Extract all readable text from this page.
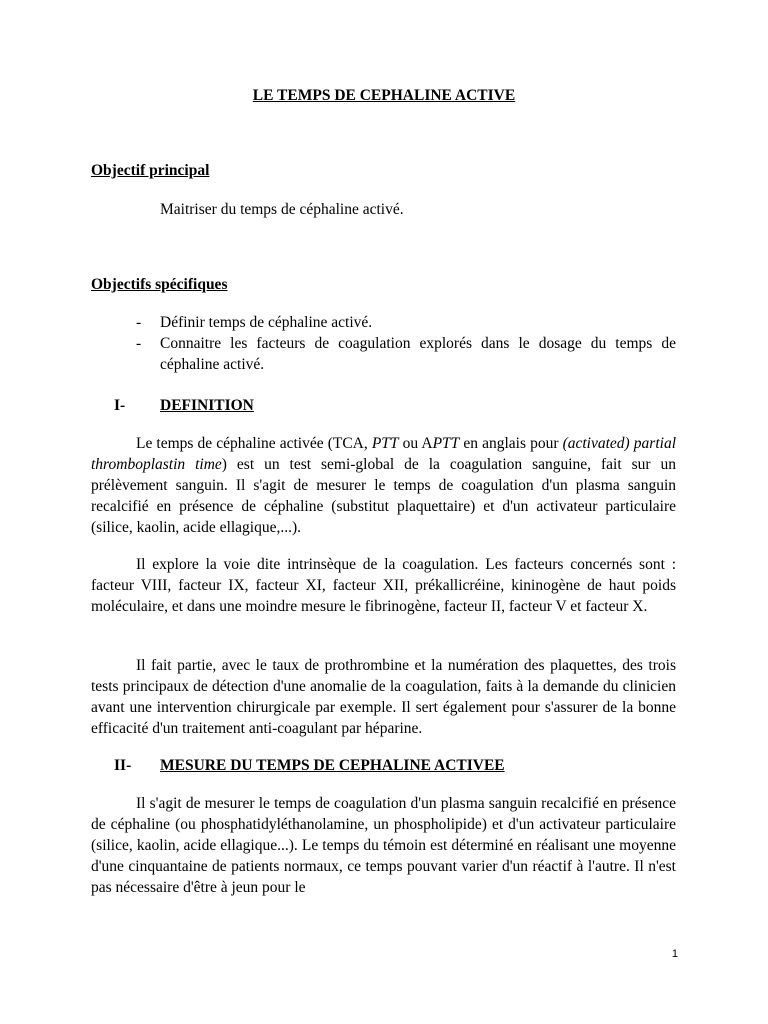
LE TEMPS DE CEPHALINE ACTIVE
Objectif principal
Maitriser du temps de céphaline activé.
Objectifs spécifiques
- Définir temps de céphaline activé.
- Connaitre les facteurs de coagulation explorés dans le dosage du temps de céphaline activé.
I- DEFINITION

Le temps de céphaline activée (TCA, PTT ou APTT en anglais pour (activated) partial thromboplastin time) est un test semi-global de la coagulation sanguine, fait sur un prélèvement sanguin. Il s'agit de mesurer le temps de coagulation d'un plasma sanguin recalcifié en présence de céphaline (substitut plaquettaire) et d'un activateur particulaire (silice, kaolin, acide ellagique,...).

Il explore la voie dite intrinsèque de la coagulation. Les facteurs concernés sont : facteur VIII, facteur IX, facteur XI, facteur XII, prékallicréine, kininogène de haut poids moléculaire, et dans une moindre mesure le fibrinogène, facteur II, facteur V et facteur X.

Il fait partie, avec le taux de prothrombine et la numération des plaquettes, des trois tests principaux de détection d'une anomalie de la coagulation, faits à la demande du clinicien avant une intervention chirurgicale par exemple. Il sert également pour s'assurer de la bonne efficacité d'un traitement anti-coagulant par héparine.

II- MESURE DU TEMPS DE CEPHALINE ACTIVEE

Il s'agit de mesurer le temps de coagulation d'un plasma sanguin recalcifié en présence de céphaline (ou phosphatidyléthanolamine, un phospholipide) et d'un activateur particulaire (silice, kaolin, acide ellagique...). Le temps du témoin est déterminé en réalisant une moyenne d'une cinquantaine de patients normaux, ce temps pouvant varier d'un réactif à l'autre. Il n'est pas nécessaire d'être à jeun pour le

1
